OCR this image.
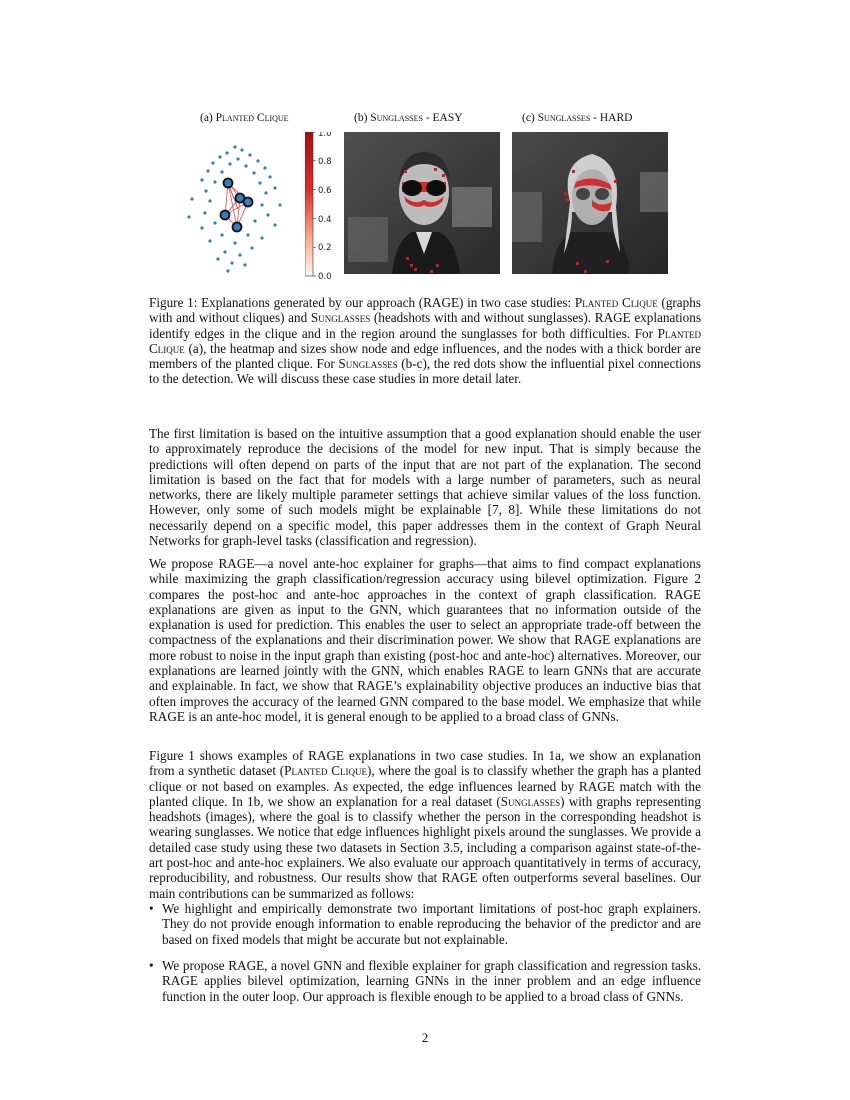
(a) Planted Clique	(b) Sunglasses - EASY	(c) Sunglasses - HARD
1.0
0.8
0.6
0.4
0.2
0.0

Figure 1: Explanations generated by our approach (RAGE) in two case studies: Planted Clique (graphs with and without cliques) and Sunglasses (headshots with and without sunglasses). RAGE explanations identify edges in the clique and in the region around the sunglasses for both difficulties. For Planted Clique (a), the heatmap and sizes show node and edge influences, and the nodes with a thick border are members of the planted clique. For Sunglasses (b-c), the red dots show the influential pixel connections to the detection. We will discuss these case studies in more detail later.

The first limitation is based on the intuitive assumption that a good explanation should enable the user to approximately reproduce the decisions of the model for new input. That is simply because the predictions will often depend on parts of the input that are not part of the explanation. The second limitation is based on the fact that for models with a large number of parameters, such as neural networks, there are likely multiple parameter settings that achieve similar values of the loss function. However, only some of such models might be explainable [7, 8]. While these limitations do not necessarily depend on a specific model, this paper addresses them in the context of Graph Neural Networks for graph-level tasks (classification and regression).

We propose RAGE—a novel ante-hoc explainer for graphs—that aims to find compact explanations while maximizing the graph classification/regression accuracy using bilevel optimization. Figure 2 compares the post-hoc and ante-hoc approaches in the context of graph classification. RAGE explanations are given as input to the GNN, which guarantees that no information outside of the explanation is used for prediction. This enables the user to select an appropriate trade-off between the compactness of the explanations and their discrimination power. We show that RAGE explanations are more robust to noise in the input graph than existing (post-hoc and ante-hoc) alternatives. Moreover, our explanations are learned jointly with the GNN, which enables RAGE to learn GNNs that are accurate and explainable. In fact, we show that RAGE’s explainability objective produces an inductive bias that often improves the accuracy of the learned GNN compared to the base model. We emphasize that while RAGE is an ante-hoc model, it is general enough to be applied to a broad class of GNNs.

Figure 1 shows examples of RAGE explanations in two case studies. In 1a, we show an explanation from a synthetic dataset (Planted Clique), where the goal is to classify whether the graph has a planted clique or not based on examples. As expected, the edge influences learned by RAGE match with the planted clique. In 1b, we show an explanation for a real dataset (Sunglasses) with graphs representing headshots (images), where the goal is to classify whether the person in the corresponding headshot is wearing sunglasses. We notice that edge influences highlight pixels around the sunglasses. We provide a detailed case study using these two datasets in Section 3.5, including a comparison against state-of-the-art post-hoc and ante-hoc explainers. We also evaluate our approach quantitatively in terms of accuracy, reproducibility, and robustness. Our results show that RAGE often outperforms several baselines. Our main contributions can be summarized as follows:

• We highlight and empirically demonstrate two important limitations of post-hoc graph explainers. They do not provide enough information to enable reproducing the behavior of the predictor and are based on fixed models that might be accurate but not explainable.
• We propose RAGE, a novel GNN and flexible explainer for graph classification and regression tasks. RAGE applies bilevel optimization, learning GNNs in the inner problem and an edge influence function in the outer loop. Our approach is flexible enough to be applied to a broad class of GNNs.
2
